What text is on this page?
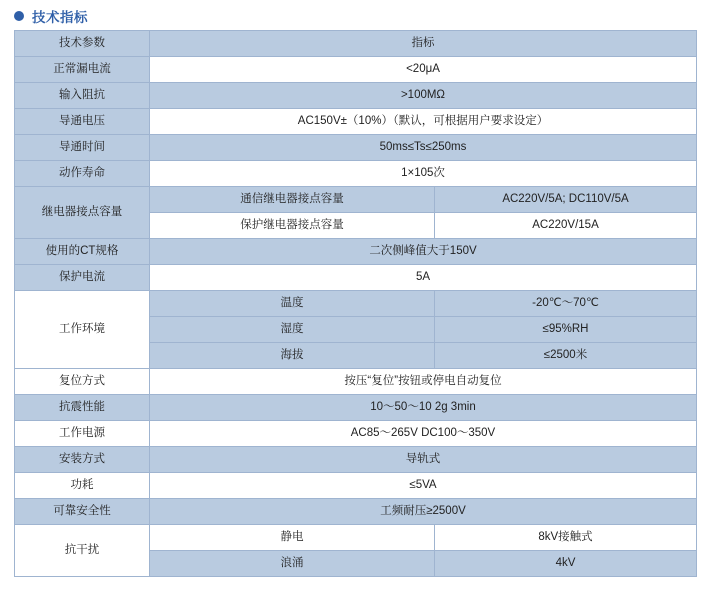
技术指标
技术参数	指标	
正常漏电流	<20μA	
输入阻抗	>100MΩ	
导通电压	AC150V±（10%）（默认，可根据用户要求设定）	
导通时间	50ms≤Ts≤250ms	
动作寿命	1×105次	
继电器接点容量	通信继电器接点容量	AC220V/5A; DC110V/5A
	保护继电器接点容量	AC220V/15A
使用的CT规格	二次侧峰值大于150V	
保护电流	5A	
工作环境	温度	-20℃～70℃
	湿度	≤95%RH
	海拔	≤2500米
复位方式	按压“复位”按钮或停电自动复位	
抗震性能	10～50～10 2g 3min	
工作电源	AC85～265V DC100～350V	
安装方式	导轨式	
功耗	≤5VA	
可靠安全性	工频耐压≥2500V	
抗干扰	静电	8kV接触式
	浪涌	4kV
